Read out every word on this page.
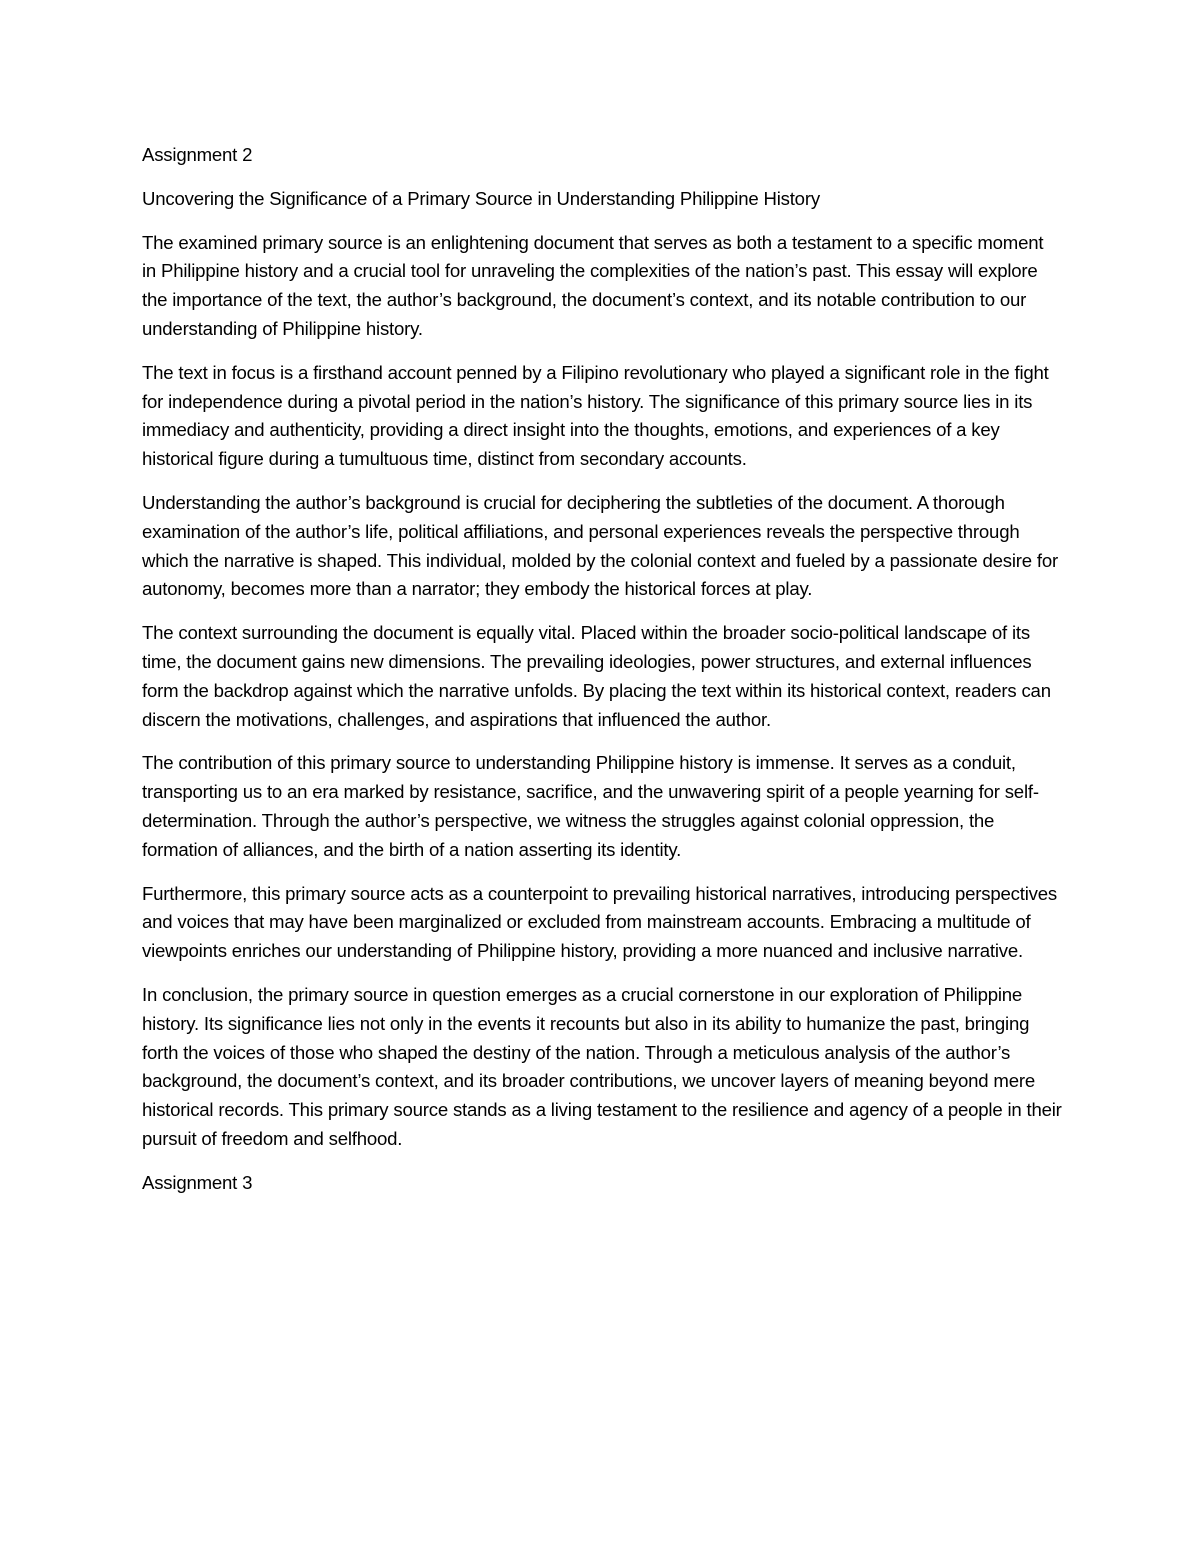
Assignment 2

Uncovering the Significance of a Primary Source in Understanding Philippine History

The examined primary source is an enlightening document that serves as both a testament to a specific moment in Philippine history and a crucial tool for unraveling the complexities of the nation’s past. This essay will explore the importance of the text, the author’s background, the document’s context, and its notable contribution to our understanding of Philippine history.

The text in focus is a firsthand account penned by a Filipino revolutionary who played a significant role in the fight for independence during a pivotal period in the nation’s history. The significance of this primary source lies in its immediacy and authenticity, providing a direct insight into the thoughts, emotions, and experiences of a key historical figure during a tumultuous time, distinct from secondary accounts.

Understanding the author’s background is crucial for deciphering the subtleties of the document. A thorough examination of the author’s life, political affiliations, and personal experiences reveals the perspective through which the narrative is shaped. This individual, molded by the colonial context and fueled by a passionate desire for autonomy, becomes more than a narrator; they embody the historical forces at play.

The context surrounding the document is equally vital. Placed within the broader socio-political landscape of its time, the document gains new dimensions. The prevailing ideologies, power structures, and external influences form the backdrop against which the narrative unfolds. By placing the text within its historical context, readers can discern the motivations, challenges, and aspirations that influenced the author.

The contribution of this primary source to understanding Philippine history is immense. It serves as a conduit, transporting us to an era marked by resistance, sacrifice, and the unwavering spirit of a people yearning for self-determination. Through the author’s perspective, we witness the struggles against colonial oppression, the formation of alliances, and the birth of a nation asserting its identity.

Furthermore, this primary source acts as a counterpoint to prevailing historical narratives, introducing perspectives and voices that may have been marginalized or excluded from mainstream accounts. Embracing a multitude of viewpoints enriches our understanding of Philippine history, providing a more nuanced and inclusive narrative.

In conclusion, the primary source in question emerges as a crucial cornerstone in our exploration of Philippine history. Its significance lies not only in the events it recounts but also in its ability to humanize the past, bringing forth the voices of those who shaped the destiny of the nation. Through a meticulous analysis of the author’s background, the document’s context, and its broader contributions, we uncover layers of meaning beyond mere historical records. This primary source stands as a living testament to the resilience and agency of a people in their pursuit of freedom and selfhood.

Assignment 3
